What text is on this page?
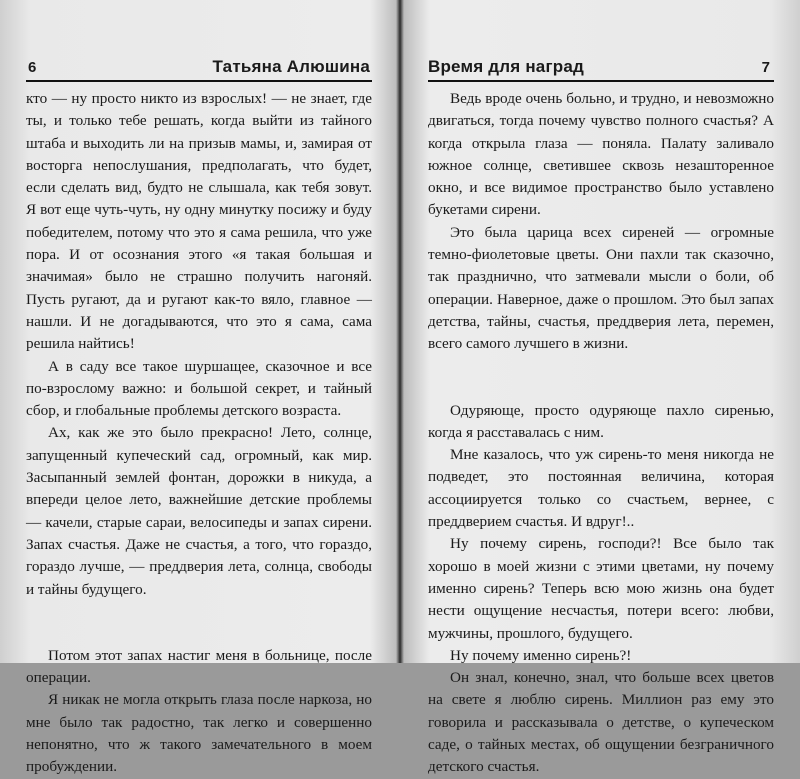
6	Татьяна Алюшина

кто — ну просто никто из взрослых! — не знает, где ты, и только тебе решать, когда выйти из тайного штаба и выходить ли на призыв мамы, и, замирая от восторга непослушания, предполагать, что будет, если сделать вид, будто не слышала, как тебя зовут. Я вот еще чуть-чуть, ну одну минутку посижу и буду победителем, потому что это я сама решила, что уже пора. И от осознания этого «я такая большая и значимая» было не страшно получить нагоняй. Пусть ругают, да и ругают как-то вяло, главное — нашли. И не догадываются, что это я сама, сама решила найтись!

А в саду все такое шуршащее, сказочное и все по-взрослому важно: и большой секрет, и тайный сбор, и глобальные проблемы детского возраста.

Ах, как же это было прекрасно! Лето, солнце, запущенный купеческий сад, огромный, как мир. Засыпанный землей фонтан, дорожки в никуда, а впереди целое лето, важнейшие детские проблемы — качели, старые сараи, велосипеды и запах сирени. Запах счастья. Даже не счастья, а того, что гораздо, гораздо лучше, — преддверия лета, солнца, свободы и тайны будущего.

Потом этот запах настиг меня в больнице, после операции.

Я никак не могла открыть глаза после наркоза, но мне было так радостно, так легко и совершенно непонятно, что ж такого замечательного в моем пробуждении.

Время для наград	7

Ведь вроде очень больно, и трудно, и невозможно двигаться, тогда почему чувство полного счастья? А когда открыла глаза — поняла. Палату заливало южное солнце, светившее сквозь незашторенное окно, и все видимое пространство было уставлено букетами сирени.

Это была царица всех сиреней — огромные темно-фиолетовые цветы. Они пахли так сказочно, так празднично, что затмевали мысли о боли, об операции. Наверное, даже о прошлом. Это был запах детства, тайны, счастья, преддверия лета, перемен, всего самого лучшего в жизни.

Одуряюще, просто одуряюще пахло сиренью, когда я расставалась с ним.

Мне казалось, что уж сирень-то меня никогда не подведет, это постоянная величина, которая ассоциируется только со счастьем, вернее, с преддверием счастья. И вдруг!..

Ну почему сирень, господи?! Все было так хорошо в моей жизни с этими цветами, ну почему именно сирень? Теперь всю мою жизнь она будет нести ощущение несчастья, потери всего: любви, мужчины, прошлого, будущего.

Ну почему именно сирень?!

Он знал, конечно, знал, что больше всех цветов на свете я люблю сирень. Миллион раз ему это говорила и рассказывала о детстве, о купеческом саде, о тайных местах, об ощущении безграничного детского счастья.
